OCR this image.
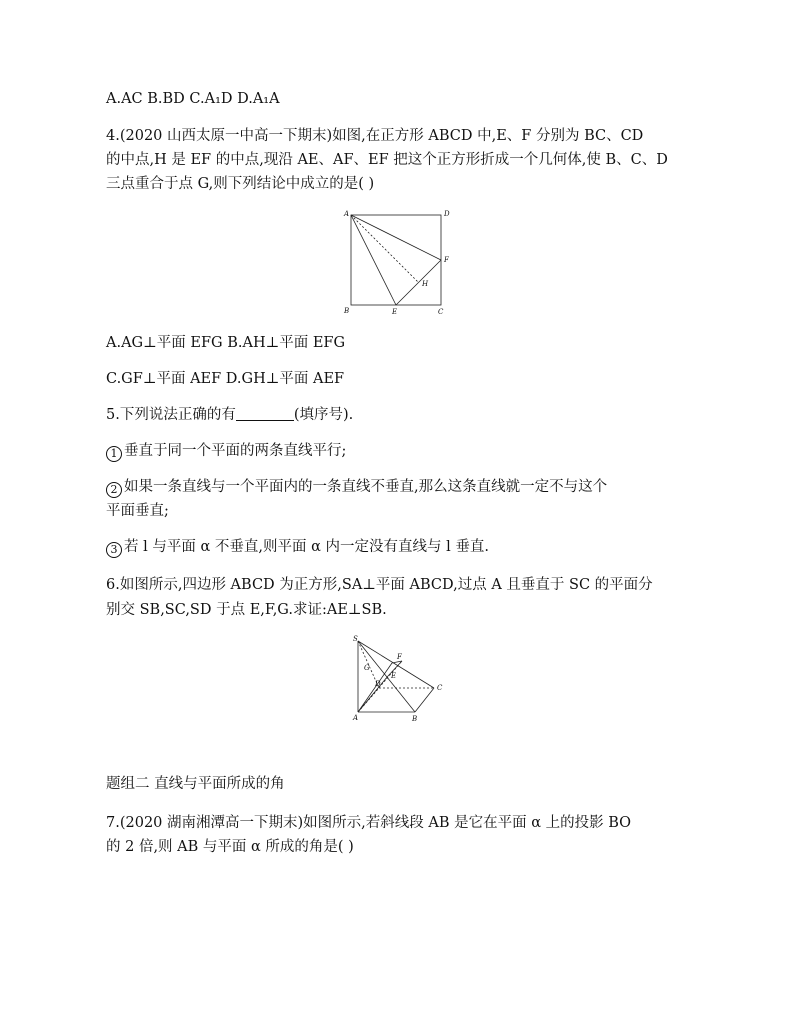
A.AC B.BD C.A₁D D.A₁A
4.(2020 山西太原一中高一下期末)如图,在正方形 ABCD 中,E、F 分别为 BC、CD
的中点,H 是 EF 的中点,现沿 AE、AF、EF 把这个正方形折成一个几何体,使 B、C、D
三点重合于点 G,则下列结论中成立的是( )
A	D
B	E	C
F
H
A.AG⊥平面 EFG B.AH⊥平面 EFG
C.GF⊥平面 AEF D.GH⊥平面 AEF
5.下列说法正确的有	(填序号).
1 垂直于同一个平面的两条直线平行;
2 如果一条直线与一个平面内的一条直线不垂直,那么这条直线就一定不与这个
平面垂直;
3 若 l 与平面 α 不垂直,则平面 α 内一定没有直线与 l 垂直.
6.如图所示,四边形 ABCD 为正方形,SA⊥平面 ABCD,过点 A 且垂直于 SC 的平面分
别交 SB,SC,SD 于点 E,F,G.求证:AE⊥SB.
S
G
F
D
E
C
A	B
题组二 直线与平面所成的角
7.(2020 湖南湘潭高一下期末)如图所示,若斜线段 AB 是它在平面 α 上的投影 BO
的 2 倍,则 AB 与平面 α 所成的角是( )
